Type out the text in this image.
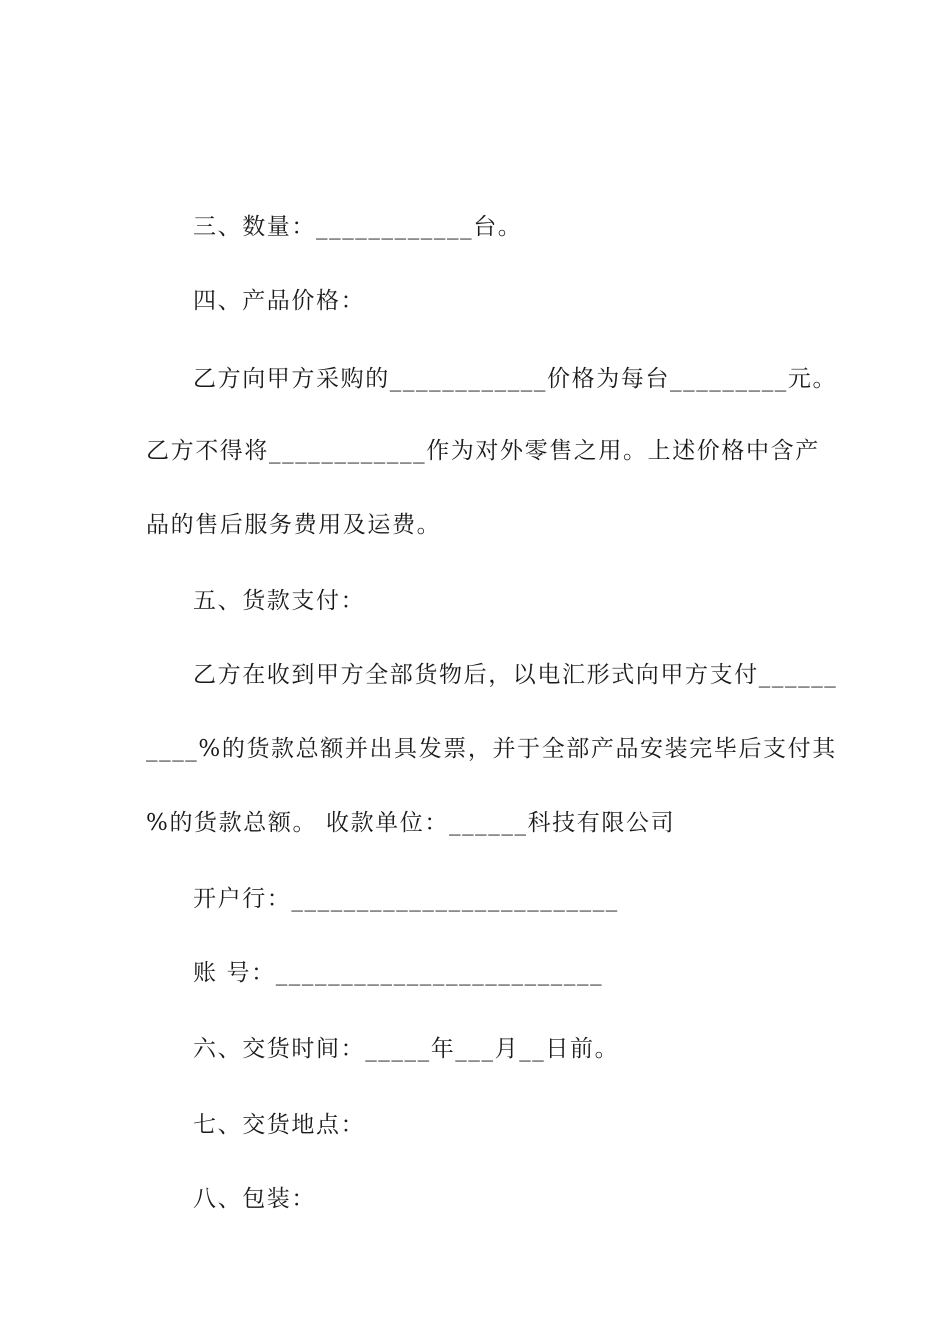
三、数量：____________台。

四、产品价格：

乙方向甲方采购的____________价格为每台_________元。

乙方不得将____________作为对外零售之用。上述价格中含产

品的售后服务费用及运费。

五、货款支付：

乙方在收到甲方全部货物后，以电汇形式向甲方支付______

____%的货款总额并出具发票，并于全部产品安装完毕后支付其

%的货款总额。 收款单位：______科技有限公司

开户行：_________________________

账 号：_________________________

六、交货时间：_____年___月__日前。

七、交货地点：

八、包装：
